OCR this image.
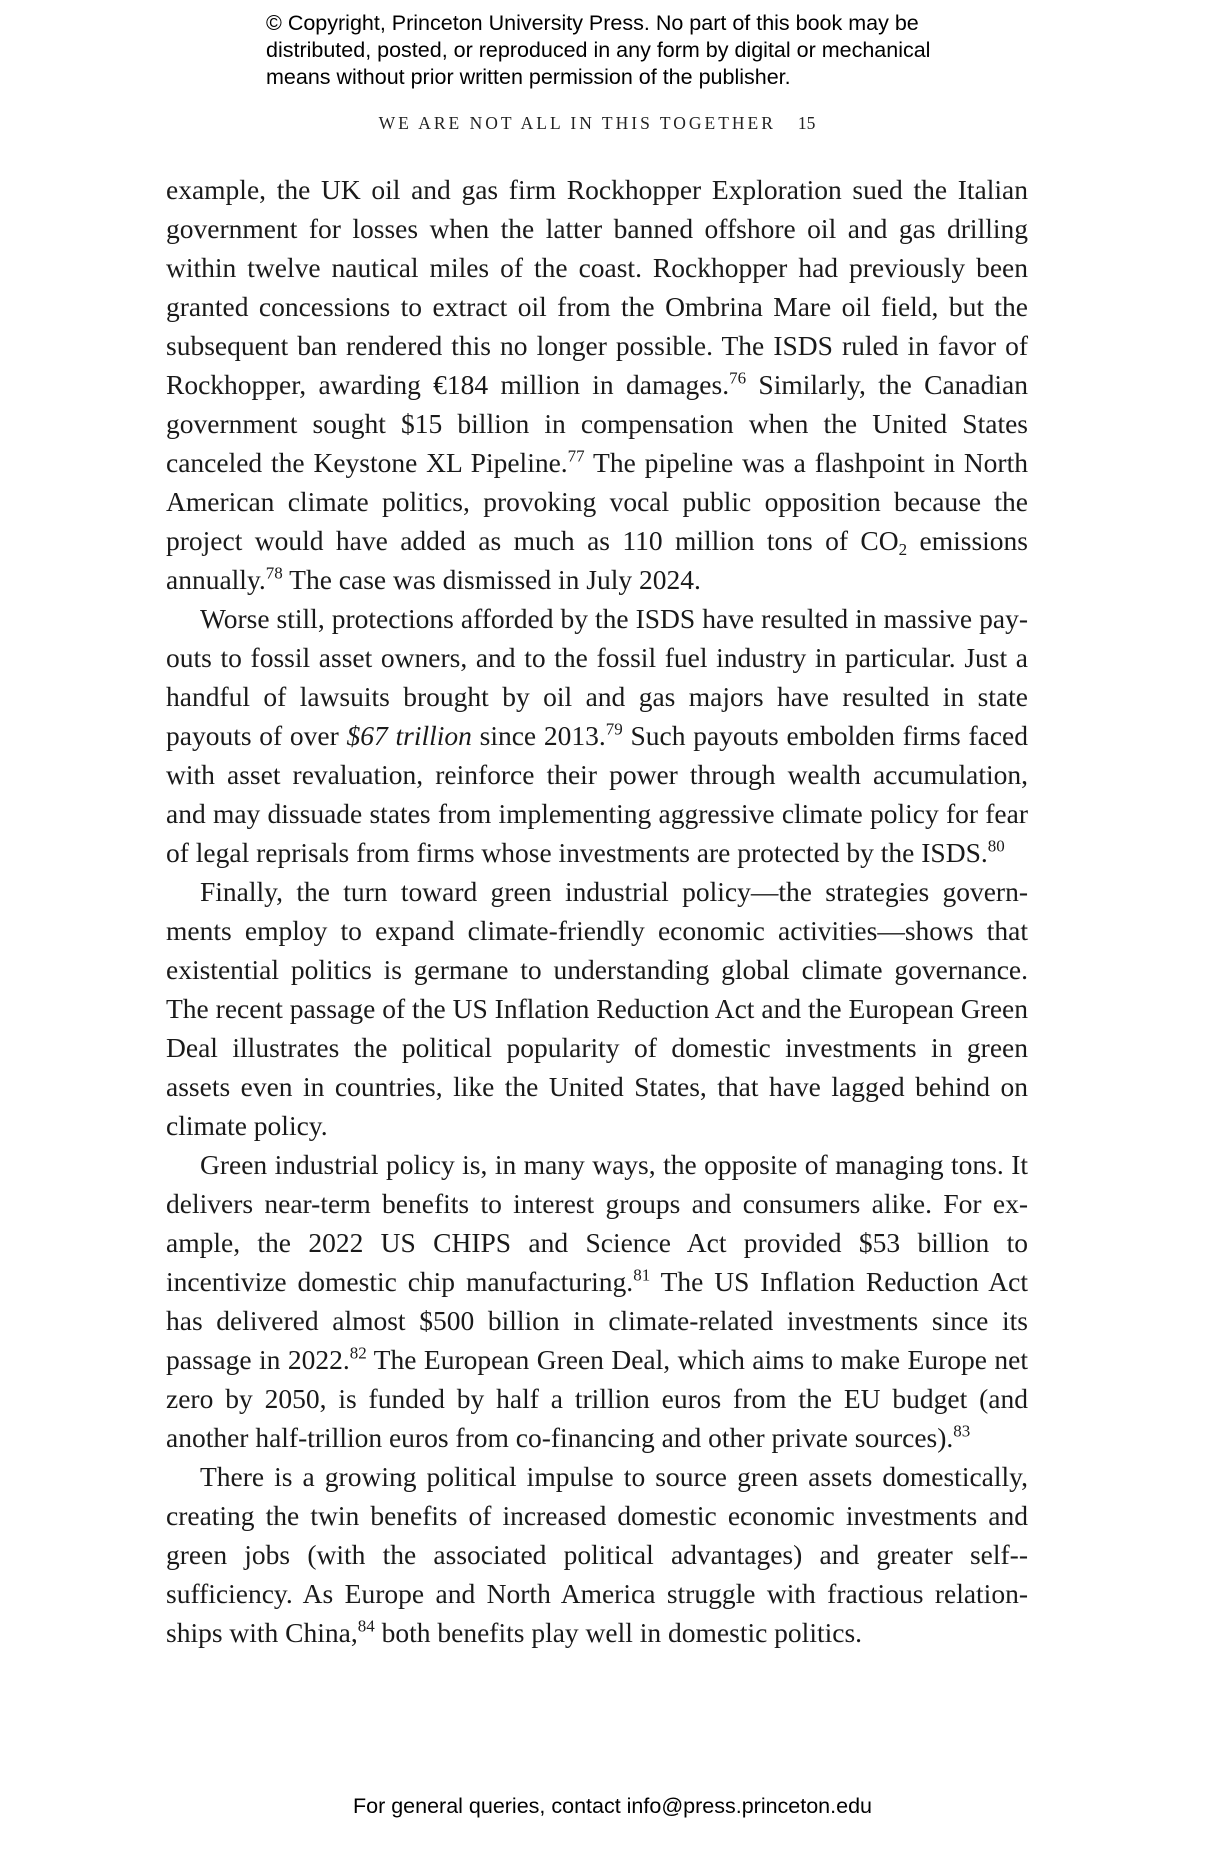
© Copyright, Princeton University Press. No part of this book may be
distributed, posted, or reproduced in any form by digital or mechanical
means without prior written permission of the publisher.
WE ARE NOT ALL IN THIS TOGETHER 15

example, the UK oil and gas firm Rockhopper Exploration sued the Italian government for losses when the latter banned offshore oil and gas drilling within twelve nautical miles of the coast. Rockhopper had previously been granted concessions to extract oil from the Ombrina Mare oil field, but the subsequent ban rendered this no longer possible. The ISDS ruled in favor of Rockhopper, awarding €184 million in damages.$^{76}$ Similarly, the Canadian government sought $15 billion in compensation when the United States canceled the Keystone XL Pipeline.$^{77}$ The pipeline was a flashpoint in North American climate politics, provoking vocal public opposition because the project would have added as much as 110 million tons of $CO_2$ emissions annually.$^{78}$ The case was dismissed in July 2024.

Worse still, protections afforded by the ISDS have resulted in massive payouts to fossil asset owners, and to the fossil fuel industry in particular. Just a handful of lawsuits brought by oil and gas majors have resulted in state payouts of over $67 trillion since 2013.79 Such payouts embolden firms faced with asset revaluation, reinforce their power through wealth accumulation, and may dissuade states from implementing aggressive climate policy for fear of legal reprisals from firms whose investments are protected by the ISDS.$^{80}$

Finally, the turn toward green industrial policy—the strategies governments employ to expand climate-friendly economic activities—shows that existential politics is germane to understanding global climate governance. The recent passage of the US Inflation Reduction Act and the European Green Deal illustrates the political popularity of domestic investments in green assets even in countries, like the United States, that have lagged behind on climate policy.

Green industrial policy is, in many ways, the opposite of managing tons. It delivers near-term benefits to interest groups and consumers alike. For example, the 2022 US CHIPS and Science Act provided $53 billion to incentivize domestic chip manufacturing.$^{81}$ The US Inflation Reduction Act has delivered almost $500 billion in climate-related investments since its passage in 2022.82 The European Green Deal, which aims to make Europe net zero by 2050, is funded by half a trillion euros from the EU budget (and another half-trillion euros from co-financing and other private sources).$^{83}$

There is a growing political impulse to source green assets domestically, creating the twin benefits of increased domestic economic investments and green jobs (with the associated political advantages) and greater self-sufficiency. As Europe and North America struggle with fractious relationships with China,$^{84}$ both benefits play well in domestic politics.

For general queries, contact info@press.princeton.edu
